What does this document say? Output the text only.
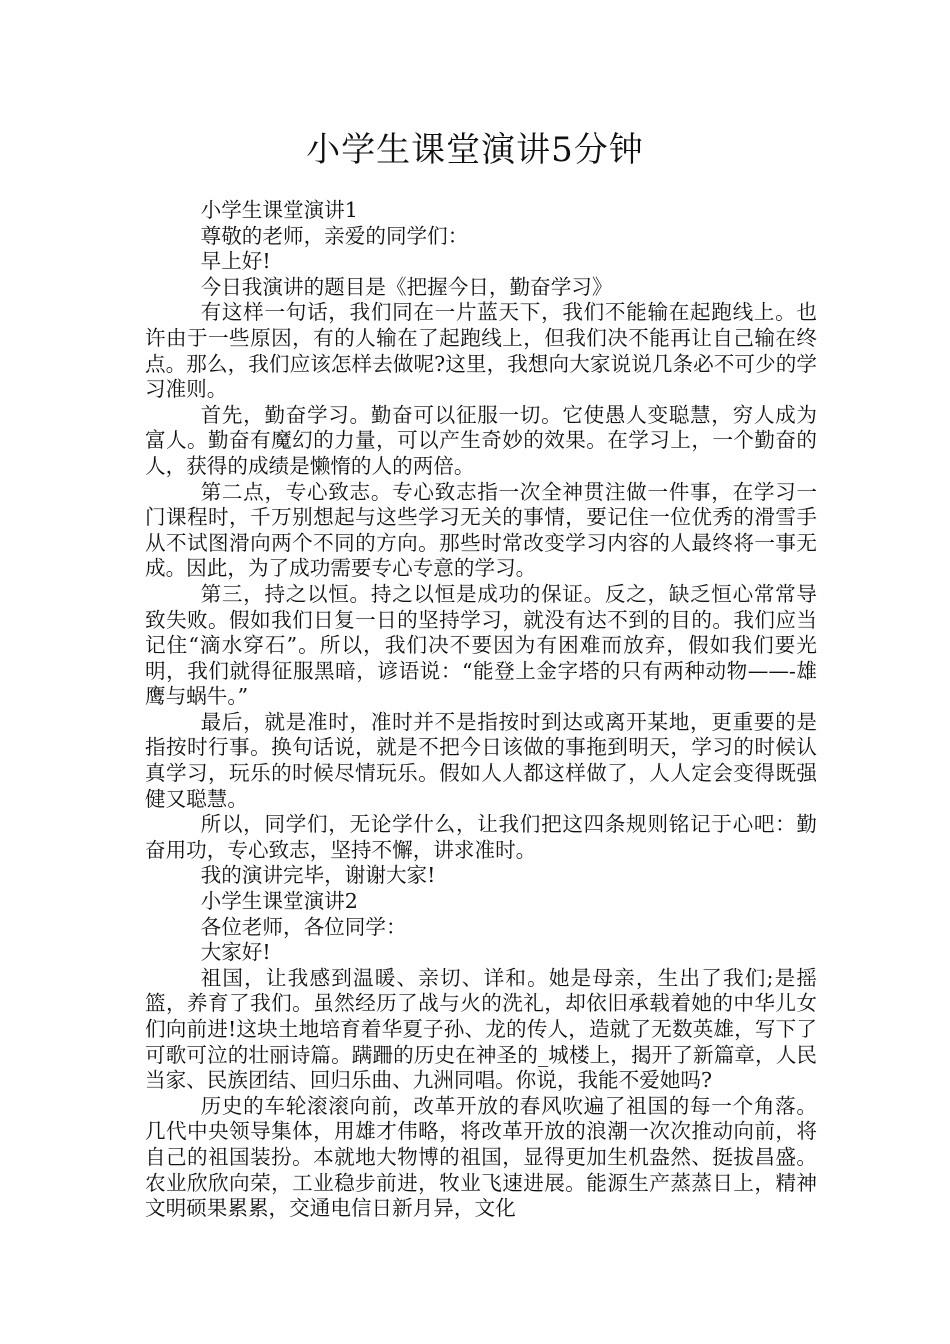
小学生课堂演讲5分钟

小学生课堂演讲1

尊敬的老师，亲爱的同学们：

早上好!

今日我演讲的题目是《把握今日，勤奋学习》

有这样一句话，我们同在一片蓝天下，我们不能输在起跑线上。也许由于一些原因，有的人输在了起跑线上，但我们决不能再让自己输在终点。那么，我们应该怎样去做呢?这里，我想向大家说说几条必不可少的学习准则。

首先，勤奋学习。勤奋可以征服一切。它使愚人变聪慧，穷人成为富人。勤奋有魔幻的力量，可以产生奇妙的效果。在学习上，一个勤奋的人，获得的成绩是懒惰的人的两倍。

第二点，专心致志。专心致志指一次全神贯注做一件事，在学习一门课程时，千万别想起与这些学习无关的事情，要记住一位优秀的滑雪手从不试图滑向两个不同的方向。那些时常改变学习内容的人最终将一事无成。因此，为了成功需要专心专意的学习。

第三，持之以恒。持之以恒是成功的保证。反之，缺乏恒心常常导致失败。假如我们日复一日的坚持学习，就没有达不到的目的。我们应当记住“滴水穿石”。所以，我们决不要因为有困难而放弃，假如我们要光明，我们就得征服黑暗，谚语说：“能登上金字塔的只有两种动物——-雄鹰与蜗牛。”

最后，就是准时，准时并不是指按时到达或离开某地，更重要的是指按时行事。换句话说，就是不把今日该做的事拖到明天，学习的时候认真学习，玩乐的时候尽情玩乐。假如人人都这样做了，人人定会变得既强健又聪慧。

所以，同学们，无论学什么，让我们把这四条规则铭记于心吧：勤奋用功，专心致志，坚持不懈，讲求准时。

我的演讲完毕，谢谢大家!

小学生课堂演讲2

各位老师，各位同学：

大家好!

祖国，让我感到温暖、亲切、详和。她是母亲，生出了我们;是摇篮，养育了我们。虽然经历了战与火的洗礼，却依旧承载着她的中华儿女们向前进!这块土地培育着华夏子孙、龙的传人，造就了无数英雄，写下了可歌可泣的壮丽诗篇。蹒跚的历史在神圣的_城楼上，揭开了新篇章，人民当家、民族团结、回归乐曲、九洲同唱。你说，我能不爱她吗?

历史的车轮滚滚向前，改革开放的春风吹遍了祖国的每一个角落。几代中央领导集体，用雄才伟略，将改革开放的浪潮一次次推动向前，将自己的祖国装扮。本就地大物博的祖国，显得更加生机盎然、挺拔昌盛。农业欣欣向荣，工业稳步前进，牧业飞速进展。能源生产蒸蒸日上，精神文明硕果累累，交通电信日新月异，文化
